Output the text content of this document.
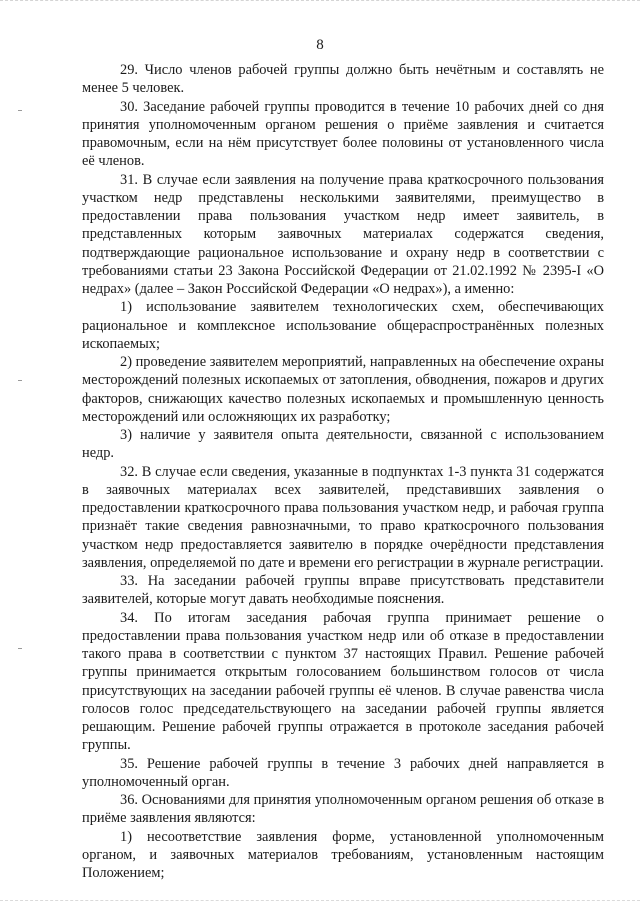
8

29. Число членов рабочей группы должно быть нечётным и составлять не менее 5 человек.

30. Заседание рабочей группы проводится в течение 10 рабочих дней со дня принятия уполномоченным органом решения о приёме заявления и считается правомочным, если на нём присутствует более половины от установленного числа её членов.

31. В случае если заявления на получение права краткосрочного пользования участком недр представлены несколькими заявителями, преимущество в предоставлении права пользования участком недр имеет заявитель, в представленных которым заявочных материалах содержатся сведения, подтверждающие рациональное использование и охрану недр в соответствии с требованиями статьи 23 Закона Российской Федерации от 21.02.1992 № 2395-I «О недрах» (далее – Закон Российской Федерации «О недрах»), а именно:

1) использование заявителем технологических схем, обеспечивающих рациональное и комплексное использование общераспространённых полезных ископаемых;

2) проведение заявителем мероприятий, направленных на обеспечение охраны месторождений полезных ископаемых от затопления, обводнения, пожаров и других факторов, снижающих качество полезных ископаемых и промышленную ценность месторождений или осложняющих их разработку;

3) наличие у заявителя опыта деятельности, связанной с использованием недр.

32. В случае если сведения, указанные в подпунктах 1-3 пункта 31 содержатся в заявочных материалах всех заявителей, представивших заявления о предоставлении краткосрочного права пользования участком недр, и рабочая группа признаёт такие сведения равнозначными, то право краткосрочного пользования участком недр предоставляется заявителю в порядке очерёдности представления заявления, определяемой по дате и времени его регистрации в журнале регистрации.

33. На заседании рабочей группы вправе присутствовать представители заявителей, которые могут давать необходимые пояснения.

34. По итогам заседания рабочая группа принимает решение о предоставлении права пользования участком недр или об отказе в предоставлении такого права в соответствии с пунктом 37 настоящих Правил. Решение рабочей группы принимается открытым голосованием большинством голосов от числа присутствующих на заседании рабочей группы её членов. В случае равенства числа голосов голос председательствующего на заседании рабочей группы является решающим. Решение рабочей группы отражается в протоколе заседания рабочей группы.

35. Решение рабочей группы в течение 3 рабочих дней направляется в уполномоченный орган.

36. Основаниями для принятия уполномоченным органом решения об отказе в приёме заявления являются:

1) несоответствие заявления форме, установленной уполномоченным органом, и заявочных материалов требованиям, установленным настоящим Положением;
